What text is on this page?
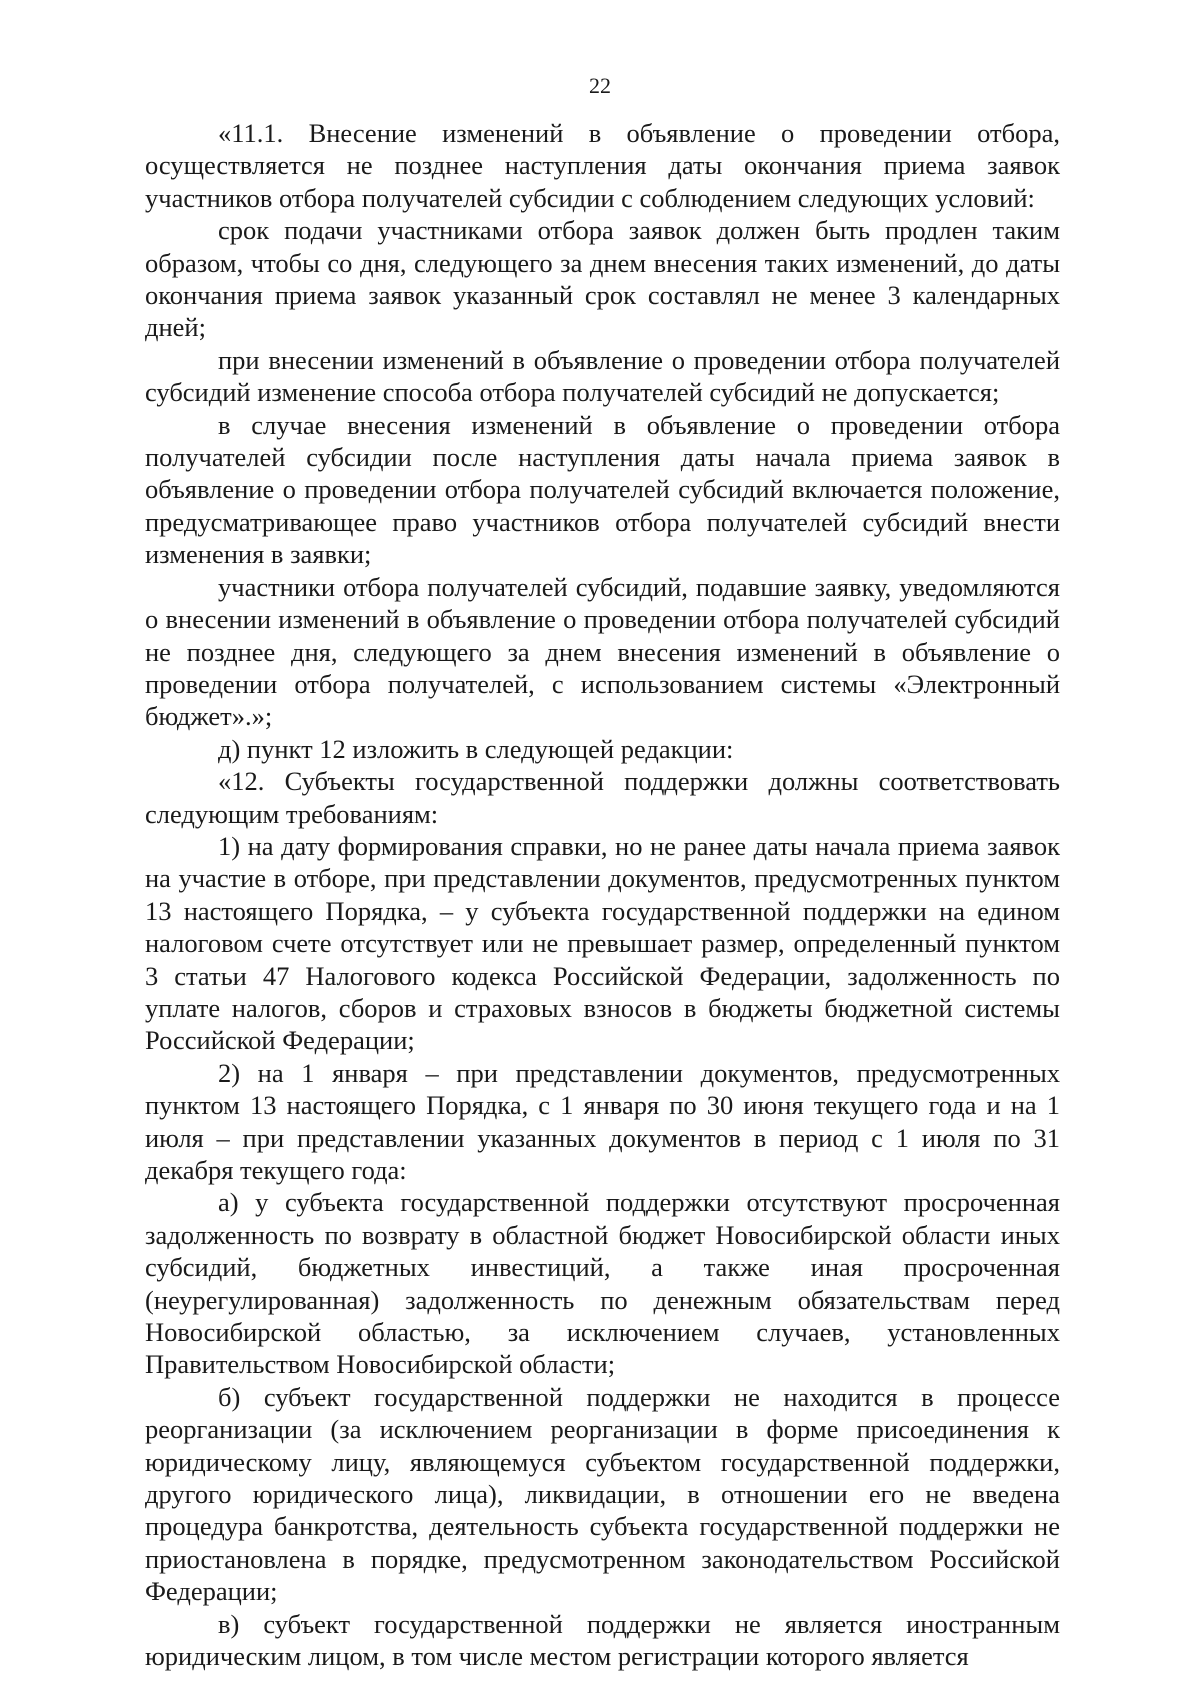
22

«11.1. Внесение изменений в объявление о проведении отбора, осуществляется не позднее наступления даты окончания приема заявок участников отбора получателей субсидии с соблюдением следующих условий:

срок подачи участниками отбора заявок должен быть продлен таким образом, чтобы со дня, следующего за днем внесения таких изменений, до даты окончания приема заявок указанный срок составлял не менее 3 календарных дней;

при внесении изменений в объявление о проведении отбора получателей субсидий изменение способа отбора получателей субсидий не допускается;

в случае внесения изменений в объявление о проведении отбора получателей субсидии после наступления даты начала приема заявок в объявление о проведении отбора получателей субсидий включается положение, предусматривающее право участников отбора получателей субсидий внести изменения в заявки;

участники отбора получателей субсидий, подавшие заявку, уведомляются о внесении изменений в объявление о проведении отбора получателей субсидий не позднее дня, следующего за днем внесения изменений в объявление о проведении отбора получателей, с использованием системы «Электронный бюджет».»;

д) пункт 12 изложить в следующей редакции:

«12. Субъекты государственной поддержки должны соответствовать следующим требованиям:

1) на дату формирования справки, но не ранее даты начала приема заявок на участие в отборе, при представлении документов, предусмотренных пунктом 13 настоящего Порядка, – у субъекта государственной поддержки на едином налоговом счете отсутствует или не превышает размер, определенный пунктом 3 статьи 47 Налогового кодекса Российской Федерации, задолженность по уплате налогов, сборов и страховых взносов в бюджеты бюджетной системы Российской Федерации;

2) на 1 января – при представлении документов, предусмотренных пунктом 13 настоящего Порядка, с 1 января по 30 июня текущего года и на 1 июля – при представлении указанных документов в период с 1 июля по 31 декабря текущего года:

а) у субъекта государственной поддержки отсутствуют просроченная задолженность по возврату в областной бюджет Новосибирской области иных субсидий, бюджетных инвестиций, а также иная просроченная (неурегулированная) задолженность по денежным обязательствам перед Новосибирской областью, за исключением случаев, установленных Правительством Новосибирской области;

б) субъект государственной поддержки не находится в процессе реорганизации (за исключением реорганизации в форме присоединения к юридическому лицу, являющемуся субъектом государственной поддержки, другого юридического лица), ликвидации, в отношении его не введена процедура банкротства, деятельность субъекта государственной поддержки не приостановлена в порядке, предусмотренном законодательством Российской Федерации;

в) субъект государственной поддержки не является иностранным юридическим лицом, в том числе местом регистрации которого является
